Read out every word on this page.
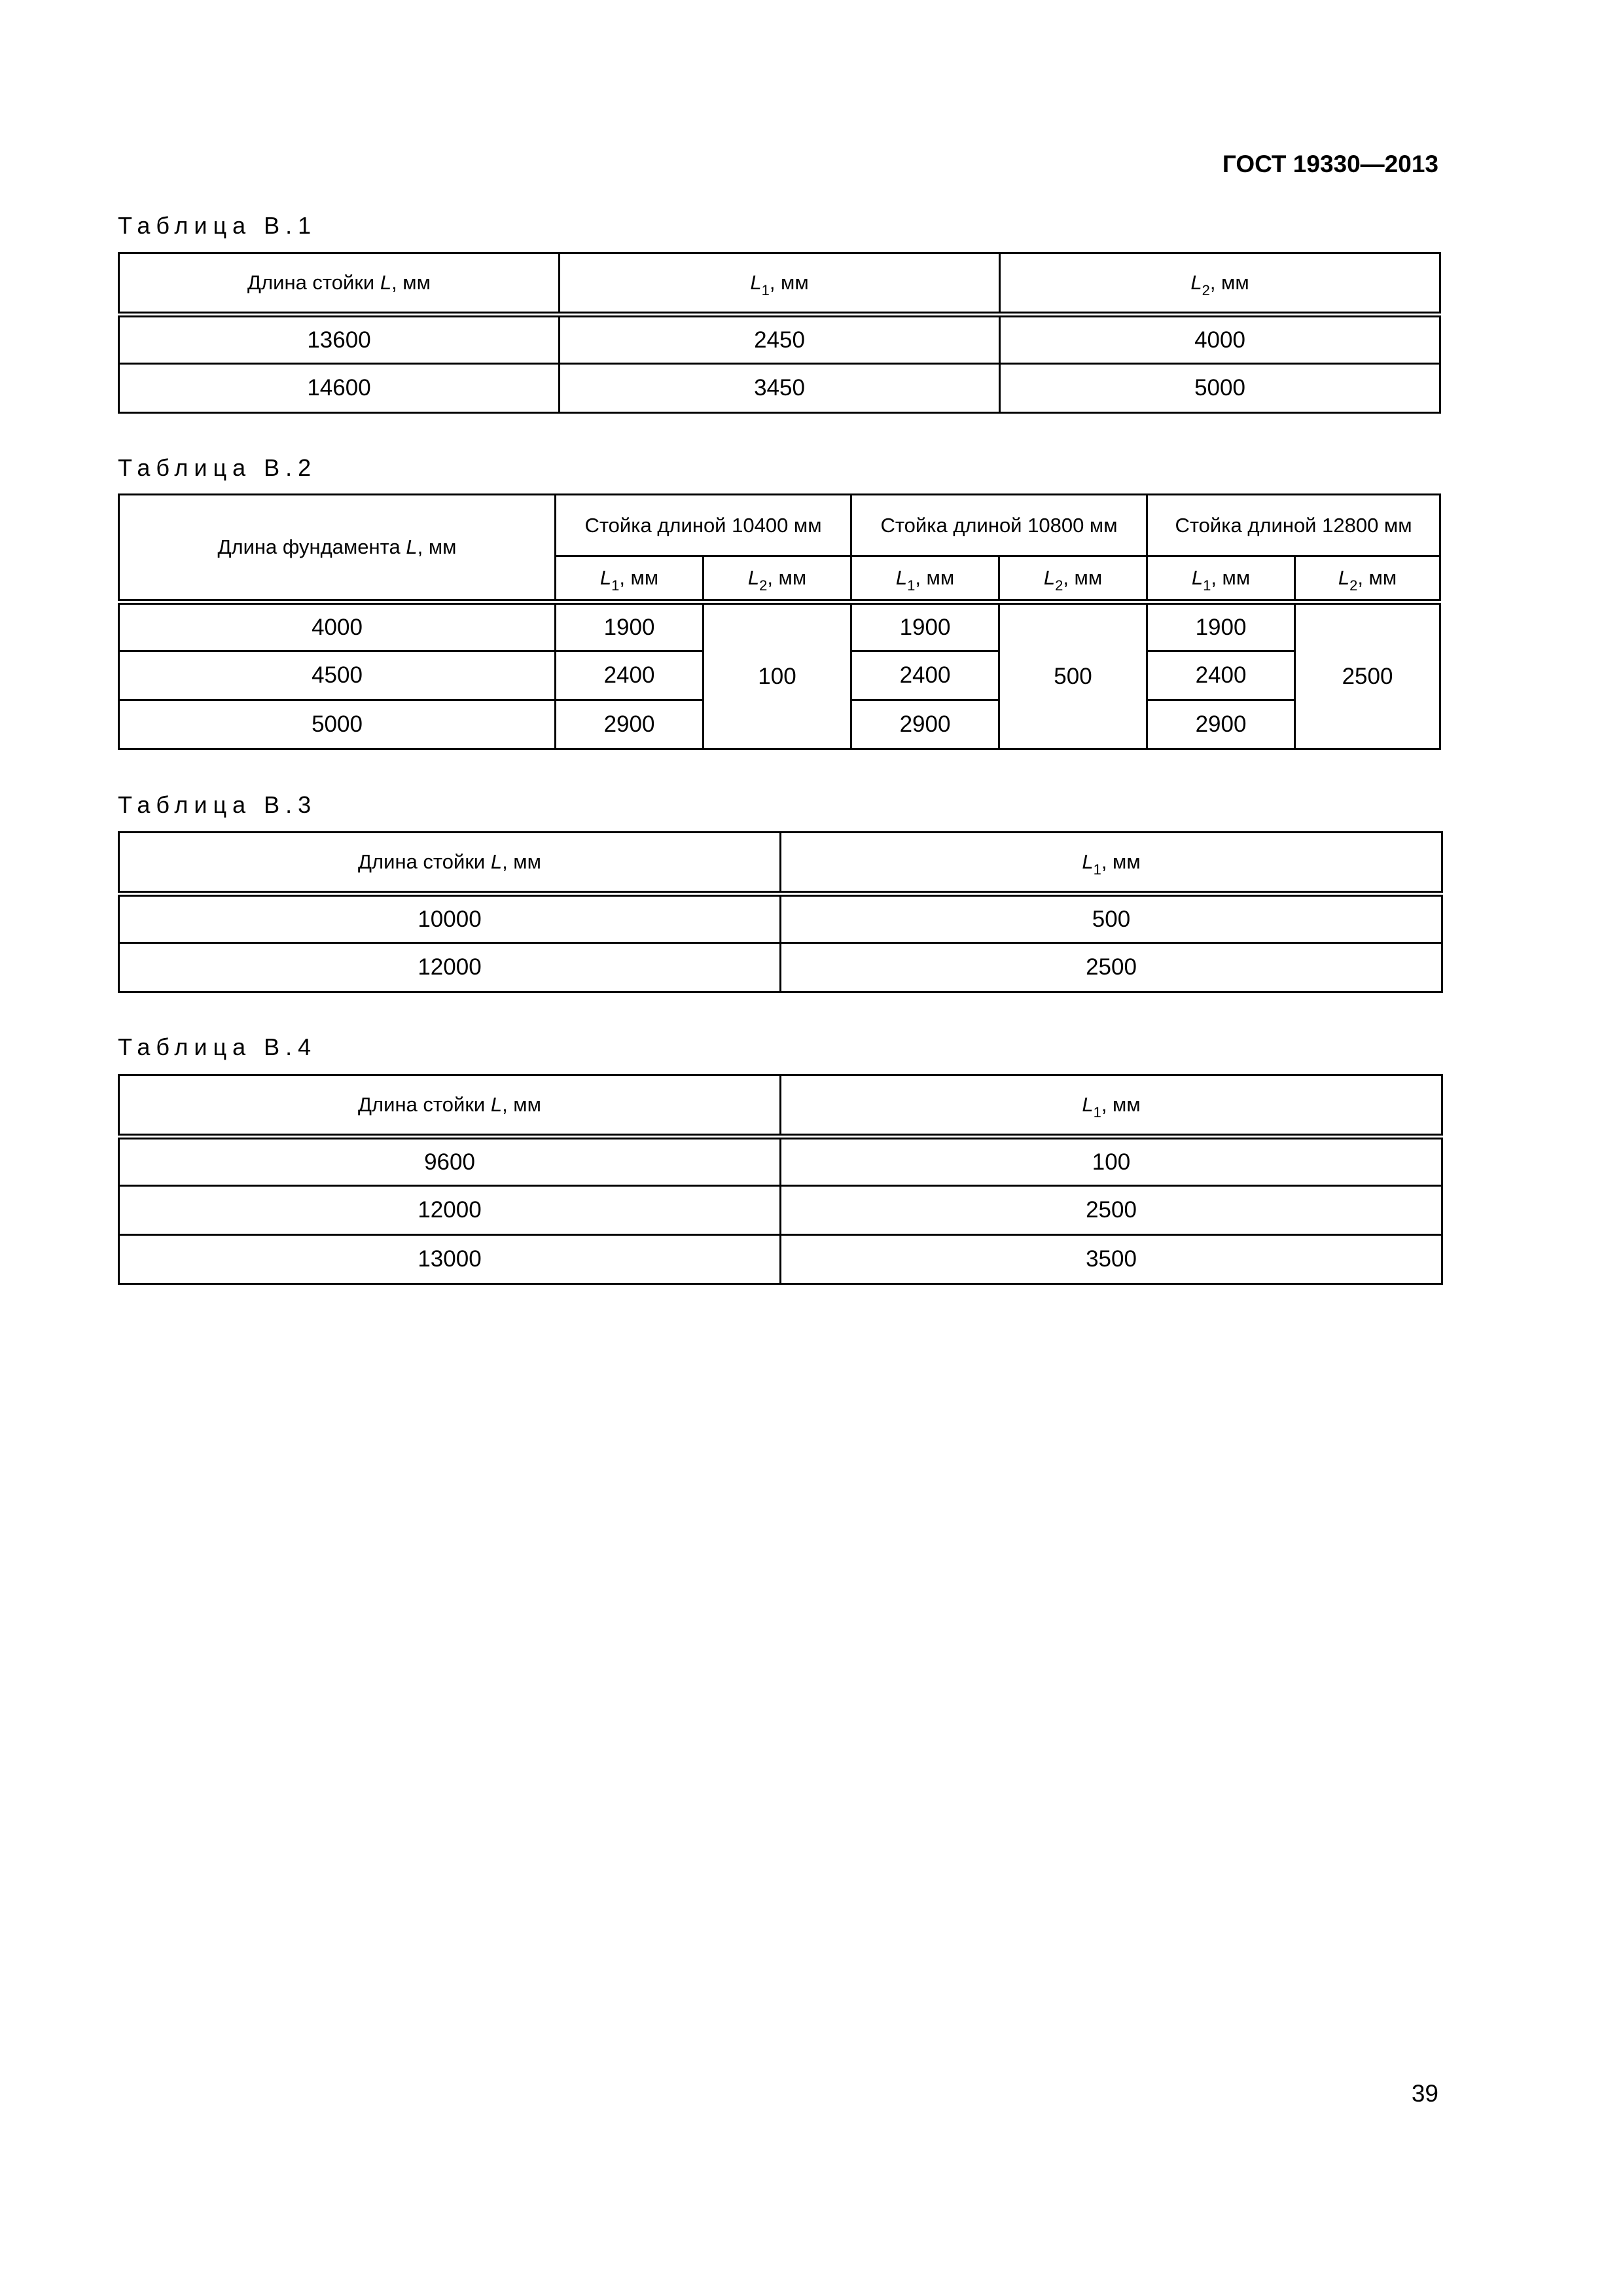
ГОСТ 19330—2013
Таблица В.1
Длина стойки L, мм	$L_1$, мм	$L_2$, мм
13600	2450	4000
14600	3450	5000
Таблица В.2
Длина фундамента L, мм	Стойка длиной 10400 мм		Стойка длиной 10800 мм		Стойка длиной 12800 мм	
	$L_1$, мм	$L_2$, мм	$L_1$, мм	$L_2$, мм	$L_1$, мм	$L_2$, мм
4000	1900	100	1900	500	1900	2500
4500	2400		2400		2400	
5000	2900		2900		2900	
Таблица В.3
Длина стойки L, мм	$L_1$, мм
10000	500
12000	2500
Таблица В.4
Длина стойки L, мм	$L_1$, мм
9600	100
12000	2500
13000	3500
39
